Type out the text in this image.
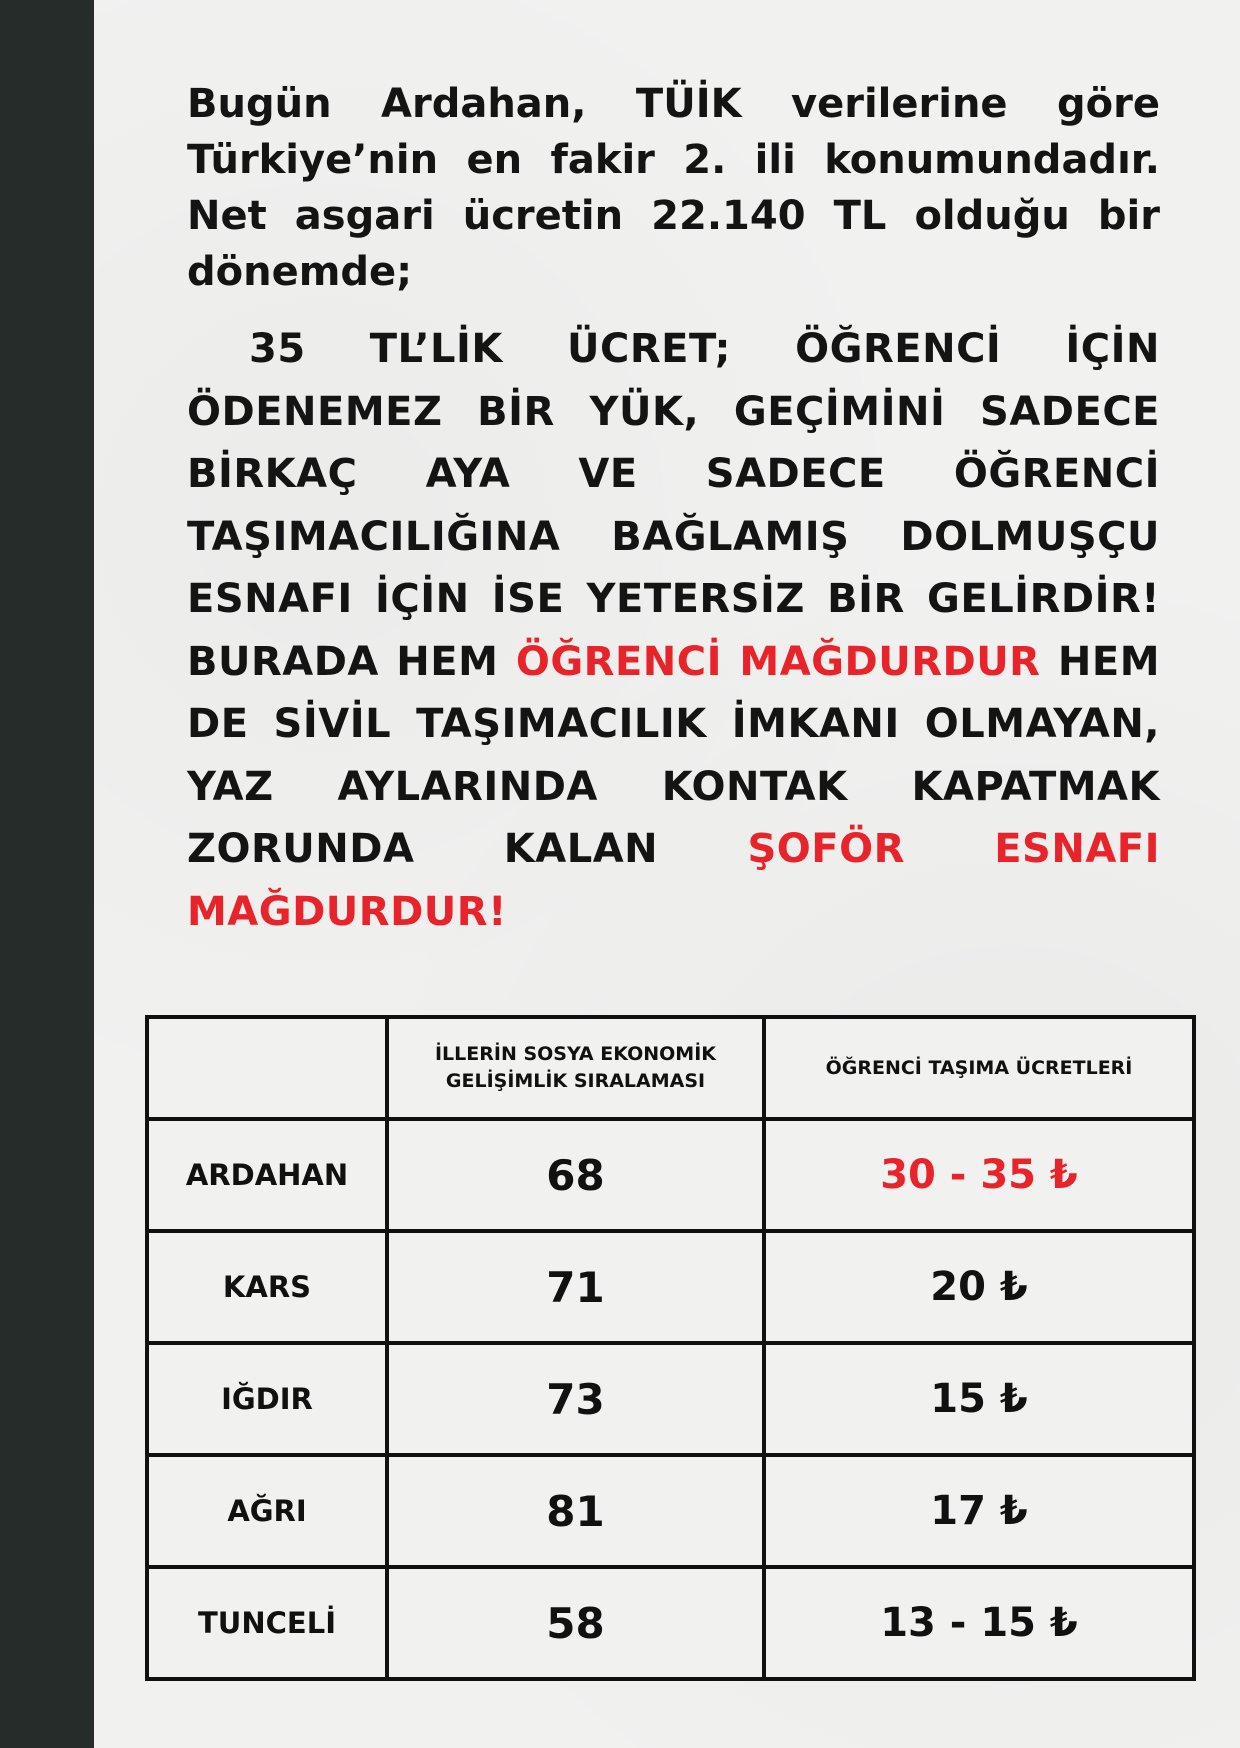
Bugün Ardahan, TÜİK verilerine göre Türkiye’nin en fakir 2. ili konumundadır. Net asgari ücretin 22.140 TL olduğu bir dönemde;

35 TL’LİK ÜCRET; ÖĞRENCİ İÇİN ÖDENEMEZ BİR YÜK, GEÇİMİNİ SADECE BİRKAÇ AYA VE SADECE ÖĞRENCİ TAŞIMACILIĞINA BAĞLAMIŞ DOLMUŞÇU ESNAFI İÇİN İSE YETERSİZ BİR GELİRDİR! BURADA HEM ÖĞRENCİ MAĞDURDUR HEM DE SİVİL TAŞIMACILIK İMKANI OLMAYAN, YAZ AYLARINDA KONTAK KAPATMAK ZORUNDA KALAN ŞOFÖR ESNAFI MAĞDURDUR!

	İLLERİN SOSYA EKONOMİK
GELİŞİMLİK SIRALAMASI	ÖĞRENCİ TAŞIMA ÜCRETLERİ
ARDAHAN	68	30 - 35 ₺
KARS	71	20 ₺
IĞDIR	73	15 ₺
AĞRI	81	17 ₺
TUNCELİ	58	13 - 15 ₺
